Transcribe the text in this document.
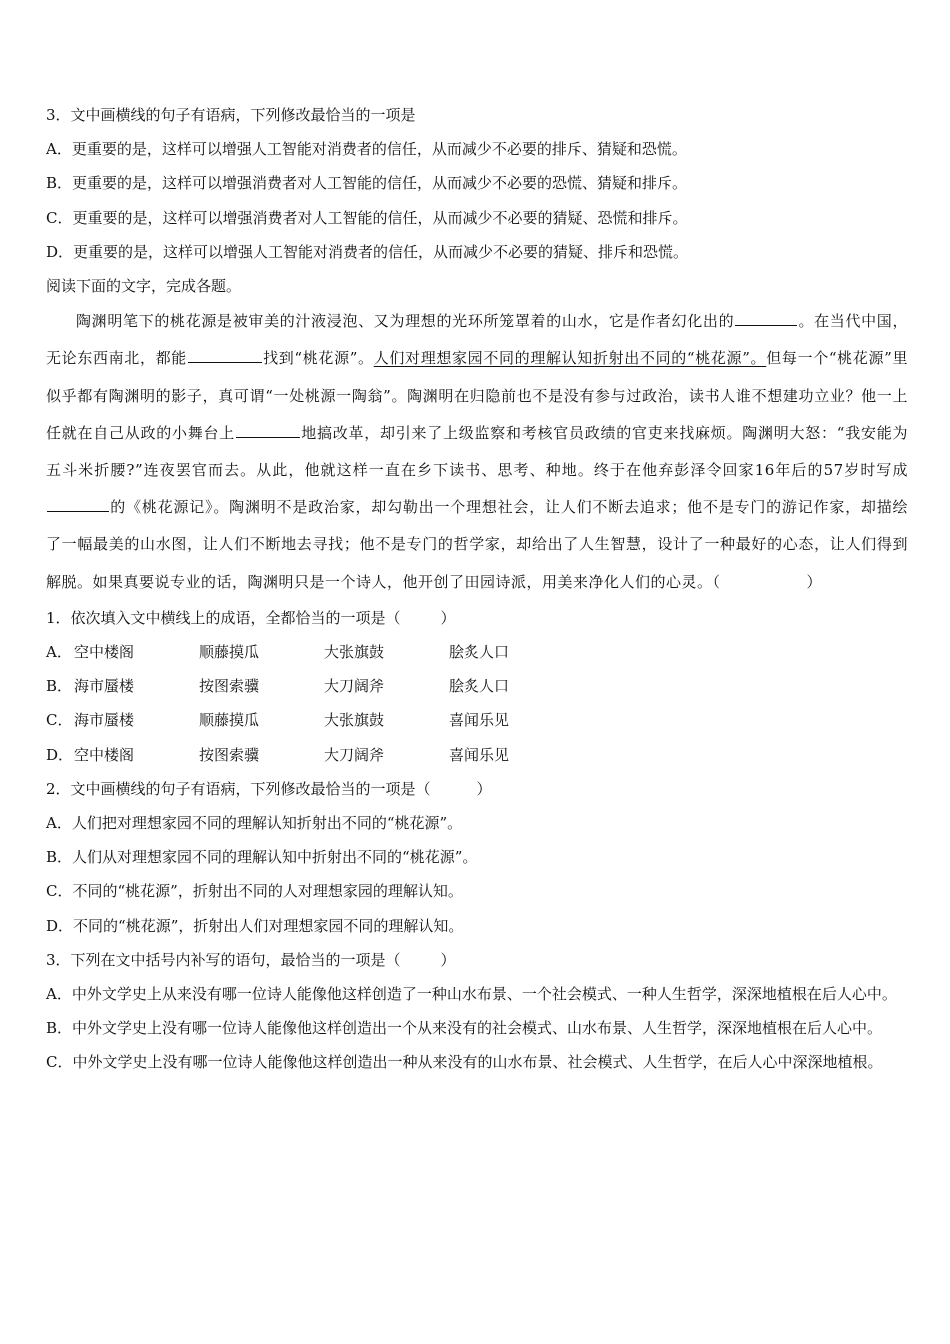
3．文中画横线的句子有语病，下列修改最恰当的一项是
A．更重要的是，这样可以增强人工智能对消费者的信任，从而减少不必要的排斥、猜疑和恐慌。
B．更重要的是，这样可以增强消费者对人工智能的信任，从而减少不必要的恐慌、猜疑和排斥。
C．更重要的是，这样可以增强消费者对人工智能的信任，从而减少不必要的猜疑、恐慌和排斥。
D．更重要的是，这样可以增强人工智能对消费者的信任，从而减少不必要的猜疑、排斥和恐慌。
阅读下面的文字，完成各题。
陶渊明笔下的桃花源是被审美的汁液浸泡、又为理想的光环所笼罩着的山水，它是作者幻化出的	。在当代中国，无论东西南北，都能	找到“桃花源”。人们对理想家园不同的理解认知折射出不同的“桃花源”。但每一个“桃花源”里似乎都有陶渊明的影子，真可谓“一处桃源一陶翁”。陶渊明在归隐前也不是没有参与过政治，读书人谁不想建功立业？他一上任就在自己从政的小舞台上	地搞改革，却引来了上级监察和考核官员政绩的官吏来找麻烦。陶渊明大怒：“我安能为五斗米折腰?”连夜罢官而去。从此，他就这样一直在乡下读书、思考、种地。终于在他弃彭泽令回家16年后的57岁时写成的《桃花源记》。陶渊明不是政治家，却勾勒出一个理想社会，让人们不断去追求；他不是专门的游记作家，却描绘了一幅最美的山水图，让人们不断地去寻找；他不是专门的哲学家，却给出了人生智慧，设计了一种最好的心态，让人们得到解脱。如果真要说专业的话，陶渊明只是一个诗人，他开创了田园诗派，用美来净化人们的心灵。（	）
1．依次填入文中横线上的成语，全都恰当的一项是（	）
A． 空中楼阁	顺藤摸瓜	大张旗鼓	脍炙人口
B． 海市蜃楼	按图索骥	大刀阔斧	脍炙人口
C． 海市蜃楼	顺藤摸瓜	大张旗鼓	喜闻乐见
D．空中楼阁	按图索骥	大刀阔斧	喜闻乐见
2．文中画横线的句子有语病，下列修改最恰当的一项是（	）
A．人们把对理想家园不同的理解认知折射出不同的“桃花源”。
B．人们从对理想家园不同的理解认知中折射出不同的“桃花源”。
C．不同的“桃花源”，折射出不同的人对理想家园的理解认知。
D．不同的“桃花源”，折射出人们对理想家园不同的理解认知。
3．下列在文中括号内补写的语句，最恰当的一项是（	）
A．中外文学史上从来没有哪一位诗人能像他这样创造了一种山水布景、一个社会模式、一种人生哲学，深深地植根在后人心中。
B．中外文学史上没有哪一位诗人能像他这样创造出一个从来没有的社会模式、山水布景、人生哲学，深深地植根在后人心中。
C．中外文学史上没有哪一位诗人能像他这样创造出一种从来没有的山水布景、社会模式、人生哲学，在后人心中深深地植根。
